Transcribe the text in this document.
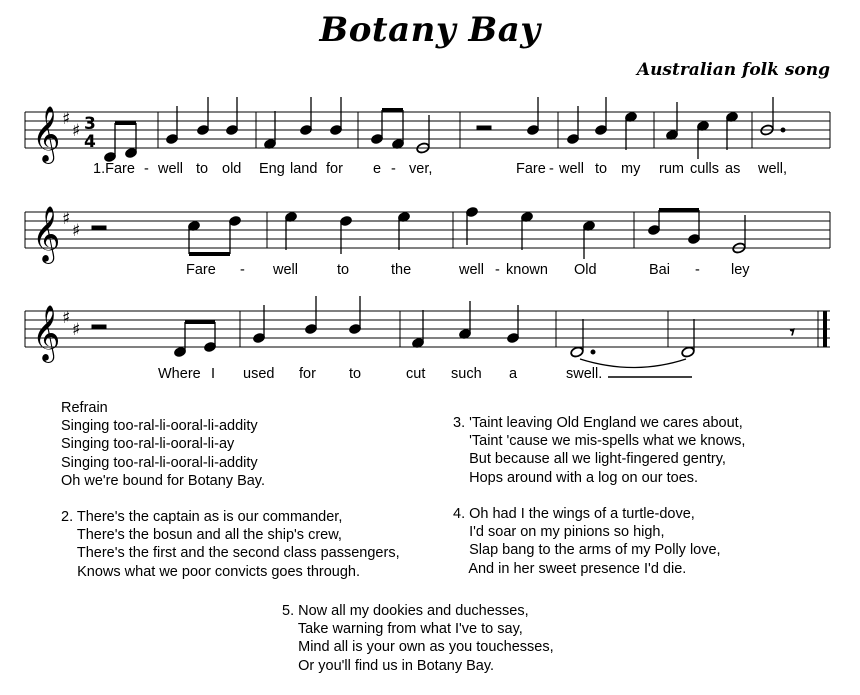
Botany Bay
Australian folk song
𝄞 ♯
♯ 3
4
𝄞 ♯
♯
𝄞 ♯
♯	𝄾
1.Fare - well to old Eng land for e - ver,	Fare - well to my rum culls as well,
Fare - well	to	the	well - known Old	Bai - ley
Where I used for to	cut such a	swell.
Refrain
Singing too-ral-li-ooral-li-addity
Singing too-ral-li-ooral-li-ay
Singing too-ral-li-ooral-li-addity
Oh we're bound for Botany Bay.
2. There's the captain as is our commander,
There's the bosun and all the ship's crew,
There's the first and the second class passengers,
Knows what we poor convicts goes through.
3. 'Taint leaving Old England we cares about,
'Taint 'cause we mis-spells what we knows,
But because all we light-fingered gentry,
Hops around with a log on our toes.
4. Oh had I the wings of a turtle-dove,
I'd soar on my pinions so high,
Slap bang to the arms of my Polly love,
And in her sweet presence I'd die.
5. Now all my dookies and duchesses,
Take warning from what I've to say,
Mind all is your own as you touchesses,
Or you'll find us in Botany Bay.
